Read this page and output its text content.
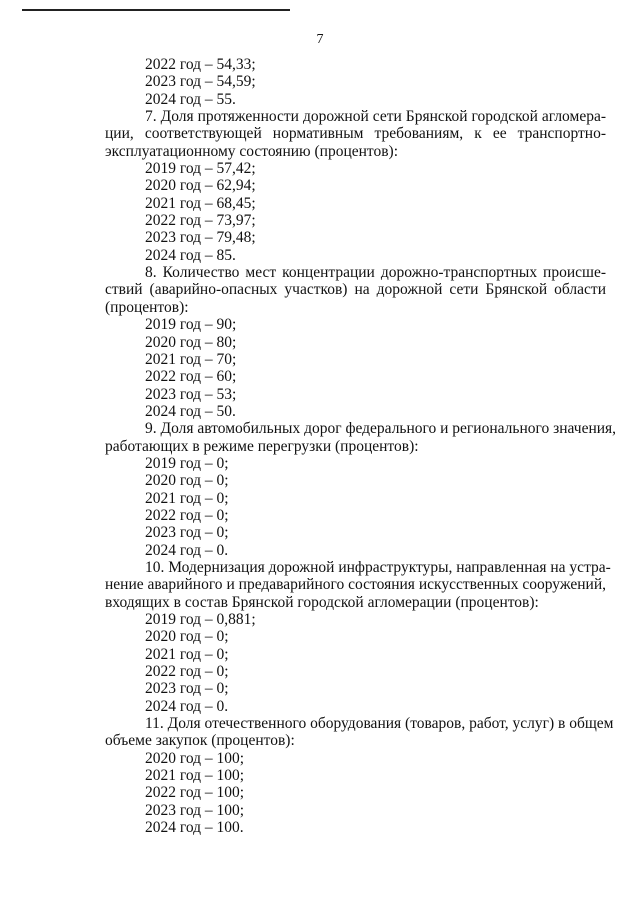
7
2022 год – 54,33;
2023 год – 54,59;
2024 год – 55.
7. Доля протяженности дорожной сети Брянской городской агломера-
ции, соответствующей нормативным требованиям, к ее транспортно-
эксплуатационному состоянию (процентов):
2019 год – 57,42;
2020 год – 62,94;
2021 год – 68,45;
2022 год – 73,97;
2023 год – 79,48;
2024 год – 85.
8. Количество мест концентрации дорожно-транспортных происше-
ствий (аварийно-опасных участков) на дорожной сети Брянской области
(процентов):
2019 год – 90;
2020 год – 80;
2021 год – 70;
2022 год – 60;
2023 год – 53;
2024 год – 50.
9. Доля автомобильных дорог федерального и регионального значения,
работающих в режиме перегрузки (процентов):
2019 год – 0;
2020 год – 0;
2021 год – 0;
2022 год – 0;
2023 год – 0;
2024 год – 0.
10. Модернизация дорожной инфраструктуры, направленная на устра-
нение аварийного и предаварийного состояния искусственных сооружений,
входящих в состав Брянской городской агломерации (процентов):
2019 год – 0,881;
2020 год – 0;
2021 год – 0;
2022 год – 0;
2023 год – 0;
2024 год – 0.
11. Доля отечественного оборудования (товаров, работ, услуг) в общем
объеме закупок (процентов):
2020 год – 100;
2021 год – 100;
2022 год – 100;
2023 год – 100;
2024 год – 100.
